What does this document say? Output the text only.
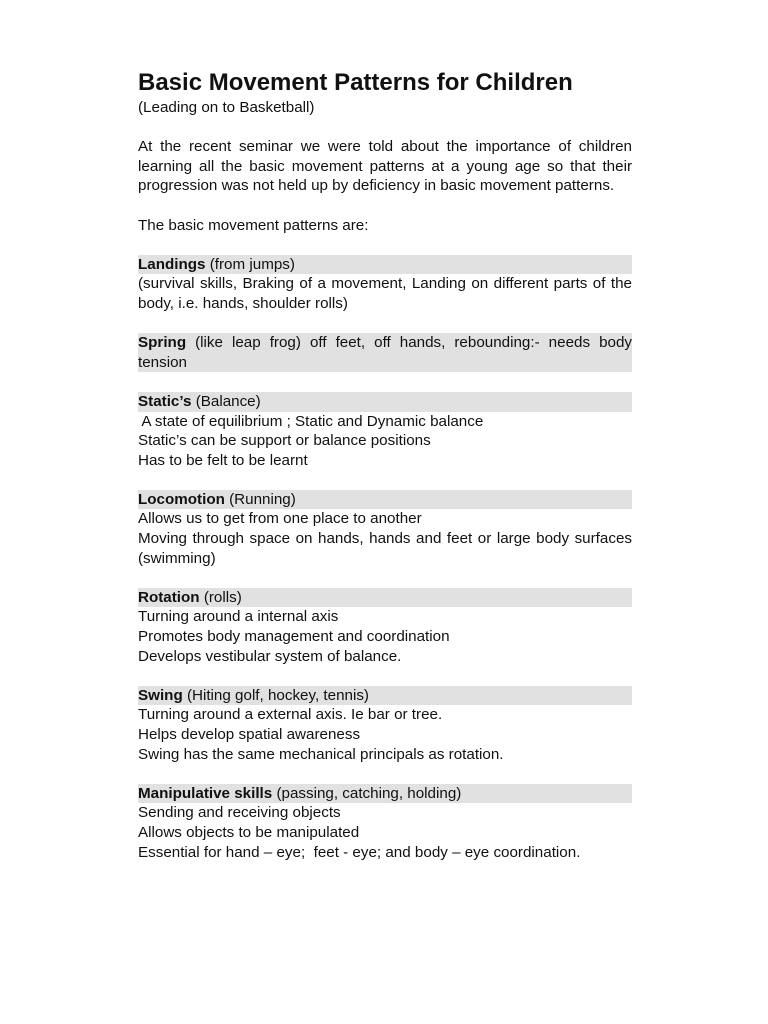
Basic Movement Patterns for Children

(Leading on to Basketball)

At the recent seminar we were told about the importance of children learning all the basic movement patterns at a young age so that their progression was not held up by deficiency in basic movement patterns.

The basic movement patterns are:

Landings (from jumps)
(survival skills, Braking of a movement, Landing on different parts of the body, i.e. hands, shoulder rolls)
Spring (like leap frog) off feet, off hands, rebounding:- needs body tension
Static’s (Balance)
A state of equilibrium ; Static and Dynamic balance
Static’s can be support or balance positions
Has to be felt to be learnt
Locomotion (Running)
Allows us to get from one place to another
Moving through space on hands, hands and feet or large body surfaces (swimming)
Rotation (rolls)
Turning around a internal axis
Promotes body management and coordination
Develops vestibular system of balance.
Swing (Hiting golf, hockey, tennis)
Turning around a external axis. Ie bar or tree.
Helps develop spatial awareness
Swing has the same mechanical principals as rotation.
Manipulative skills (passing, catching, holding)
Sending and receiving objects
Allows objects to be manipulated
Essential for hand – eye;  feet - eye; and body – eye coordination.
